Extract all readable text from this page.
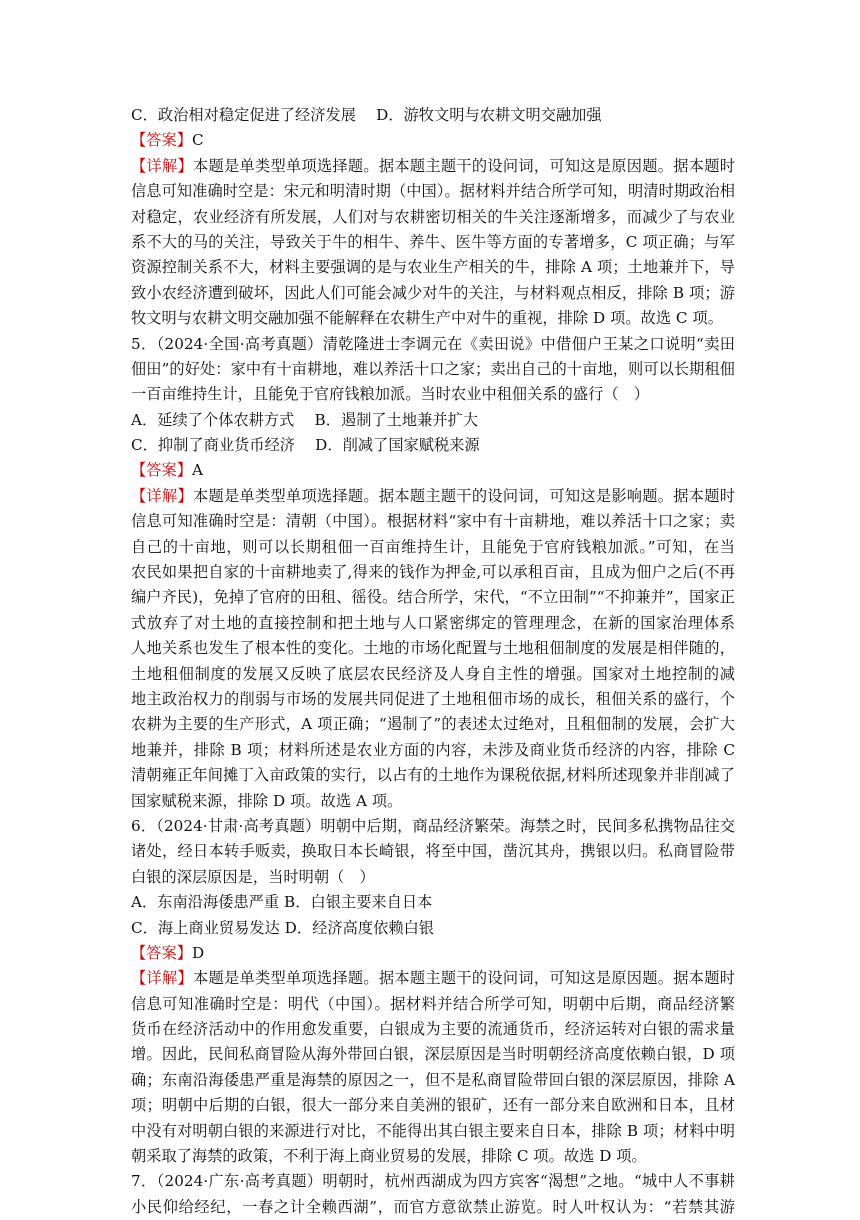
C．政治相对稳定促进了经济发展　 D．游牧文明与农耕文明交融加强
【答案】C
【详解】本题是单类型单项选择题。据本题主题干的设问词，可知这是原因题。据本题时
信息可知准确时空是：宋元和明清时期（中国）。据材料并结合所学可知，明清时期政治相
对稳定，农业经济有所发展，人们对与农耕密切相关的牛关注逐渐增多，而减少了与农业
系不大的马的关注，导致关于牛的相牛、养牛、医牛等方面的专著增多，C 项正确；与军
资源控制关系不大，材料主要强调的是与农业生产相关的牛，排除 A 项；土地兼并下，导
致小农经济遭到破坏，因此人们可能会减少对牛的关注，与材料观点相反，排除 B 项；游
牧文明与农耕文明交融加强不能解释在农耕生产中对牛的重视，排除 D 项。故选 C 项。
5．（2024·全国·高考真题）清乾隆进士李调元在《卖田说》中借佃户王某之口说明“卖田
佃田”的好处：家中有十亩耕地，难以养活十口之家；卖出自己的十亩地，则可以长期租佃
一百亩维持生计，且能免于官府钱粮加派。当时农业中租佃关系的盛行（　）
A．延续了个体农耕方式　 B．遏制了土地兼并扩大
C．抑制了商业货币经济　 D．削减了国家赋税来源
【答案】A
【详解】本题是单类型单项选择题。据本题主题干的设问词，可知这是影响题。据本题时
信息可知准确时空是：清朝（中国）。根据材料“家中有十亩耕地，难以养活十口之家；卖
自己的十亩地，则可以长期租佃一百亩维持生计，且能免于官府钱粮加派。”可知，在当
农民如果把自家的十亩耕地卖了,得来的钱作为押金,可以承租百亩，且成为佃户之后(不再
编户齐民)，免掉了官府的田租、徭役。结合所学，宋代，“不立田制”“不抑兼并”，国家正
式放弃了对土地的直接控制和把土地与人口紧密绑定的管理理念，在新的国家治理体系
人地关系也发生了根本性的变化。土地的市场化配置与土地租佃制度的发展是相伴随的，
土地租佃制度的发展又反映了底层农民经济及人身自主性的增强。国家对土地控制的减
地主政治权力的削弱与市场的发展共同促进了土地租佃市场的成长，租佃关系的盛行，个
农耕为主要的生产形式，A 项正确；“遏制了”的表述太过绝对，且租佃制的发展，会扩大
地兼并，排除 B 项；材料所述是农业方面的内容，未涉及商业货币经济的内容，排除 C
清朝雍正年间摊丁入亩政策的实行，以占有的土地作为课税依据,材料所述现象并非削减了
国家赋税来源，排除 D 项。故选 A 项。
6．（2024·甘肃·高考真题）明朝中后期，商品经济繁荣。海禁之时，民间多私携物品往交
诸处，经日本转手贩卖，换取日本长崎银，将至中国，凿沉其舟，携银以归。私商冒险带
白银的深层原因是，当时明朝（　）
A．东南沿海倭患严重 B．白银主要来自日本
C．海上商业贸易发达 D．经济高度依赖白银
【答案】D
【详解】本题是单类型单项选择题。据本题主题干的设问词，可知这是原因题。据本题时
信息可知准确时空是：明代（中国）。据材料并结合所学可知，明朝中后期，商品经济繁
货币在经济活动中的作用愈发重要，白银成为主要的流通货币，经济运转对白银的需求量
增。因此，民间私商冒险从海外带回白银，深层原因是当时明朝经济高度依赖白银，D 项
确；东南沿海倭患严重是海禁的原因之一，但不是私商冒险带回白银的深层原因，排除 A
项；明朝中后期的白银，很大一部分来自美洲的银矿，还有一部分来自欧洲和日本，且材
中没有对明朝白银的来源进行对比，不能得出其白银主要来自日本，排除 B 项；材料中明
朝采取了海禁的政策，不利于海上商业贸易的发展，排除 C 项。故选 D 项。
7．（2024·广东·高考真题）明朝时，杭州西湖成为四方宾客“渴想”之地。“城中人不事耕
小民仰给经纪，一春之计全赖西湖”，而官方意欲禁止游览。时人叶权认为：“若禁其游
